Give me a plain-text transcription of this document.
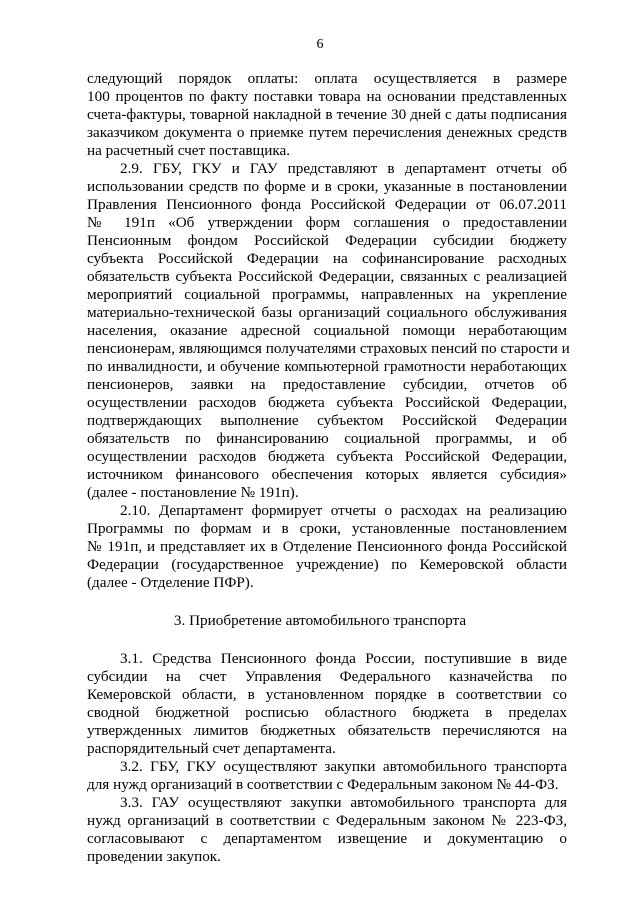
6
следующий порядок оплаты: оплата осуществляется в размере
100 процентов по факту поставки товара на основании представленных
счета-фактуры, товарной накладной в течение 30 дней с даты подписания
заказчиком документа о приемке путем перечисления денежных средств
на расчетный счет поставщика.
2.9. ГБУ, ГКУ и ГАУ представляют в департамент отчеты об
использовании средств по форме и в сроки, указанные в постановлении
Правления Пенсионного фонда Российской Федерации от 06.07.2011
№ 191п «Об утверждении форм соглашения о предоставлении
Пенсионным фондом Российской Федерации субсидии бюджету
субъекта Российской Федерации на софинансирование расходных
обязательств субъекта Российской Федерации, связанных с реализацией
мероприятий социальной программы, направленных на укрепление
материально-технической базы организаций социального обслуживания
населения, оказание адресной социальной помощи неработающим
пенсионерам, являющимся получателями страховых пенсий по старости и
по инвалидности, и обучение компьютерной грамотности неработающих
пенсионеров, заявки на предоставление субсидии, отчетов об
осуществлении расходов бюджета субъекта Российской Федерации,
подтверждающих выполнение субъектом Российской Федерации
обязательств по финансированию социальной программы, и об
осуществлении расходов бюджета субъекта Российской Федерации,
источником финансового обеспечения которых является субсидия»
(далее - постановление № 191п).
2.10. Департамент формирует отчеты о расходах на реализацию
Программы по формам и в сроки, установленные постановлением
№ 191п, и представляет их в Отделение Пенсионного фонда Российской
Федерации (государственное учреждение) по Кемеровской области
(далее - Отделение ПФР).
3. Приобретение автомобильного транспорта
3.1. Средства Пенсионного фонда России, поступившие в виде
субсидии на счет Управления Федерального казначейства по
Кемеровской области, в установленном порядке в соответствии со
сводной бюджетной росписью областного бюджета в пределах
утвержденных лимитов бюджетных обязательств перечисляются на
распорядительный счет департамента.
3.2. ГБУ, ГКУ осуществляют закупки автомобильного транспорта
для нужд организаций в соответствии с Федеральным законом № 44-ФЗ.
3.3. ГАУ осуществляют закупки автомобильного транспорта для
нужд организаций в соответствии с Федеральным законом № 223-ФЗ,
согласовывают с департаментом извещение и документацию о
проведении закупок.
